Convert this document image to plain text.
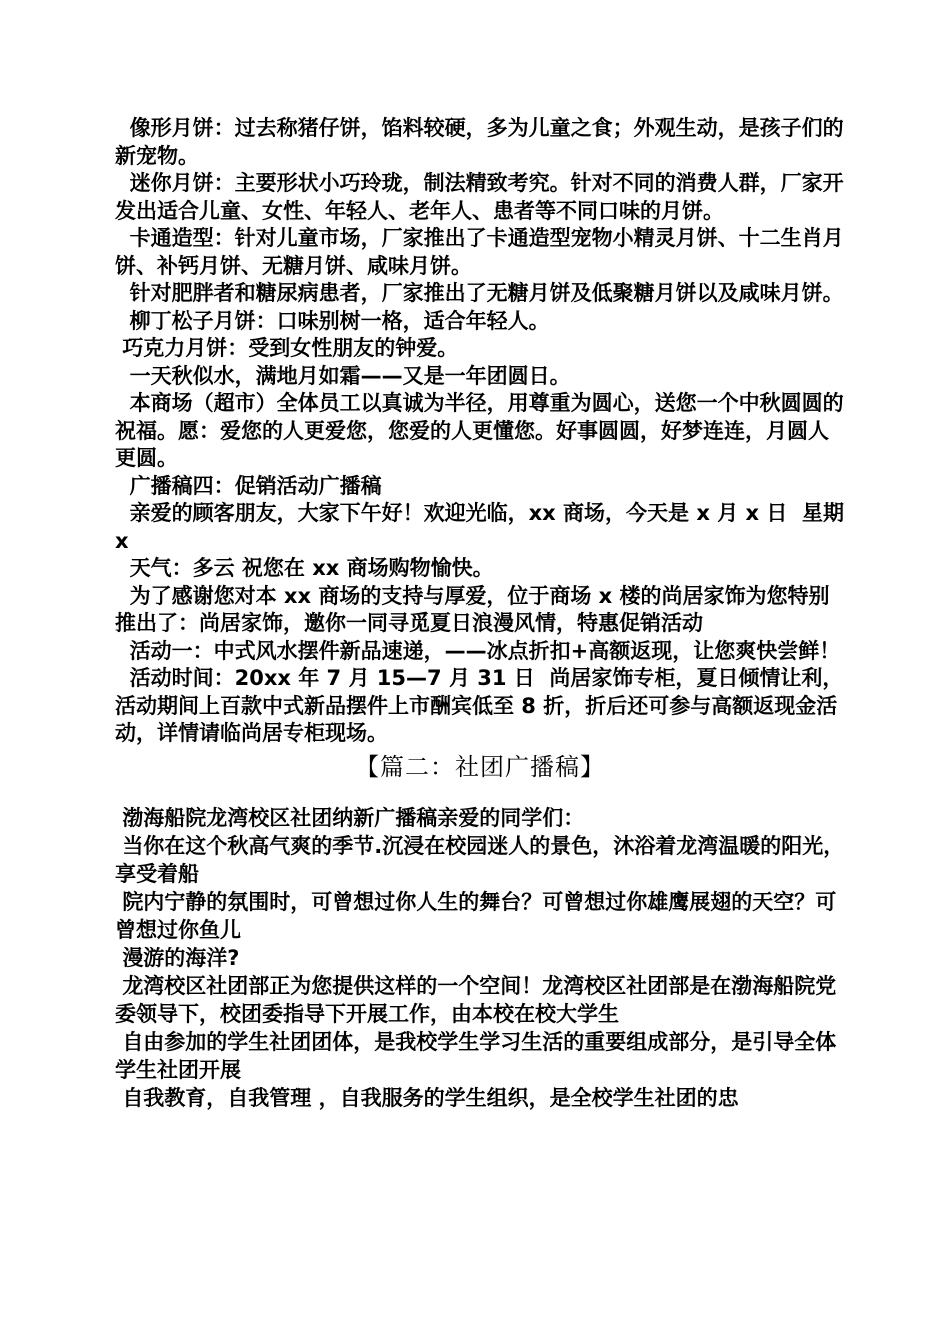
像形月饼：过去称猪仔饼，馅料较硬，多为儿童之食；外观生动，是孩子们的新宠物。

迷你月饼：主要形状小巧玲珑，制法精致考究。针对不同的消费人群，厂家开发出适合儿童、女性、年轻人、老年人、患者等不同口味的月饼。

卡通造型：针对儿童市场，厂家推出了卡通造型宠物小精灵月饼、十二生肖月饼、补钙月饼、无糖月饼、咸味月饼。

针对肥胖者和糖尿病患者，厂家推出了无糖月饼及低聚糖月饼以及咸味月饼。

柳丁松子月饼：口味别树一格，适合年轻人。

巧克力月饼：受到女性朋友的钟爱。

一天秋似水，满地月如霜——又是一年团圆日。

本商场（超市）全体员工以真诚为半径，用尊重为圆心，送您一个中秋圆圆的祝福。愿：爱您的人更爱您，您爱的人更懂您。好事圆圆，好梦连连，月圆人更圆。

广播稿四：促销活动广播稿

亲爱的顾客朋友，大家下午好！欢迎光临，xx 商场，今天是 x 月 x 日  星期 x

天气：多云 祝您在 xx 商场购物愉快。

为了感谢您对本 xx 商场的支持与厚爱，位于商场 x 楼的尚居家饰为您特别推出了：尚居家饰，邀你一同寻觅夏日浪漫风情，特惠促销活动

活动一：中式风水摆件新品速递，——冰点折扣+高额返现，让您爽快尝鲜！

活动时间：20xx 年 7 月 15—7 月 31 日  尚居家饰专柜，夏日倾情让利，活动期间上百款中式新品摆件上市酬宾低至 8 折，折后还可参与高额返现金活动，详情请临尚居专柜现场。

【篇二：社团广播稿】

渤海船院龙湾校区社团纳新广播稿亲爱的同学们：

当你在这个秋高气爽的季节.沉浸在校园迷人的景色，沐浴着龙湾温暖的阳光，享受着船

院内宁静的氛围时，可曾想过你人生的舞台？可曾想过你雄鹰展翅的天空？可曾想过你鱼儿

漫游的海洋?

龙湾校区社团部正为您提供这样的一个空间！龙湾校区社团部是在渤海船院党委领导下，校团委指导下开展工作，由本校在校大学生

自由参加的学生社团团体，是我校学生学习生活的重要组成部分，是引导全体学生社团开展

自我教育，自我管理 ，自我服务的学生组织，是全校学生社团的忠
